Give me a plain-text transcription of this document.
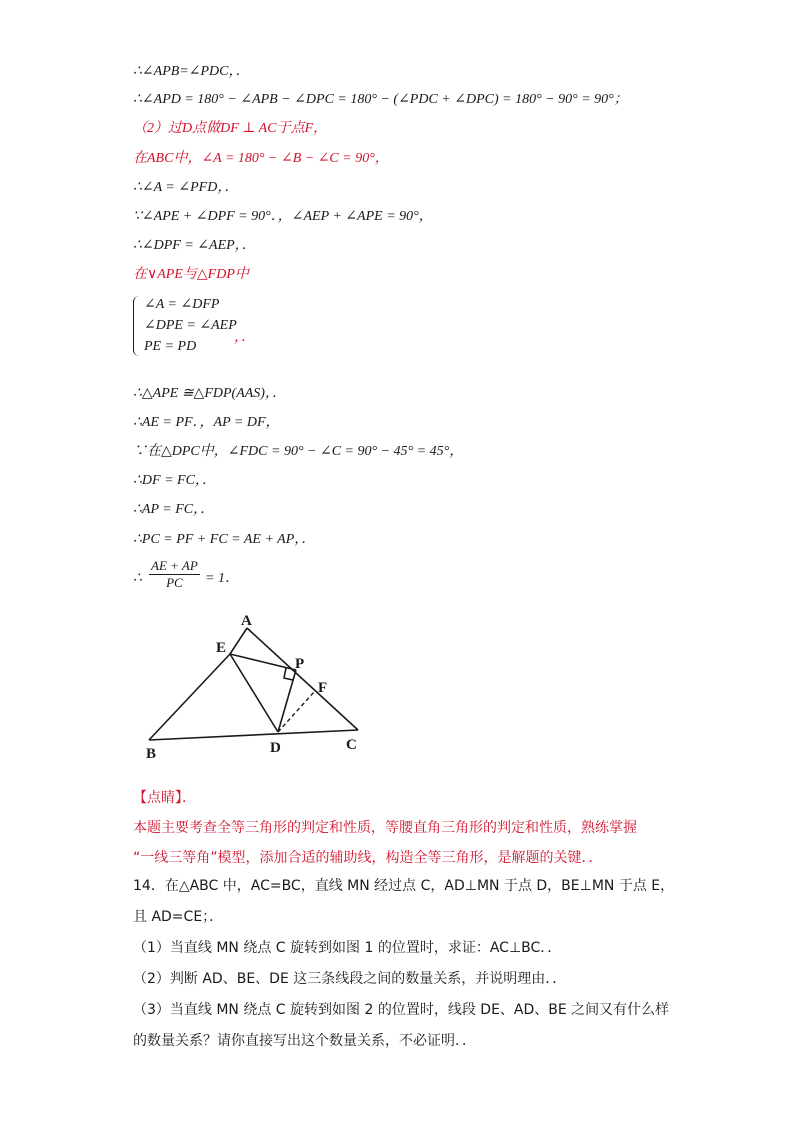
∴∠APB=∠PDC，．
∴∠APD = 180° − ∠APB − ∠DPC = 180° − (∠PDC + ∠DPC) = 180° − 90° = 90°；
（2）过D点做DF ⊥ AC于点F，
在ABC中，∠A = 180° − ∠B − ∠C = 90°，
∴∠A = ∠PFD，．
∵∠APE + ∠DPF = 90°．，∠AEP + ∠APE = 90°，
∴∠DPF = ∠AEP，．
在∨APE与△FDP中
∠A = ∠DFP
∠DPE = ∠AEP
PE = PD
，．
∴△APE ≅△FDP(AAS)，．
∴AE = PF．，AP = DF，
∵在△DPC中，∠FDC = 90° − ∠C = 90° − 45° = 45°，
∴DF = FC，．
∴AP = FC，．
∴PC = PF + FC = AE + AP，．
∴ $\frac{AE + AP}{PC} = 1$．
A
E
P
F
B	D	C
【点睛】．
本题主要考查全等三角形的判定和性质，等腰直角三角形的判定和性质，熟练掌握
“一线三等角”模型，添加合适的辅助线，构造全等三角形，是解题的关键．．
14．在△ABC 中，AC=BC，直线 MN 经过点 C，AD⊥MN 于点 D，BE⊥MN 于点 E，
且 AD=CE；．
（1）当直线 MN 绕点 C 旋转到如图 1 的位置时，求证：AC⊥BC．．
（2）判断 AD、BE、DE 这三条线段之间的数量关系，并说明理由．．
（3）当直线 MN 绕点 C 旋转到如图 2 的位置时，线段 DE、AD、BE 之间又有什么样
的数量关系？请你直接写出这个数量关系，不必证明．．
